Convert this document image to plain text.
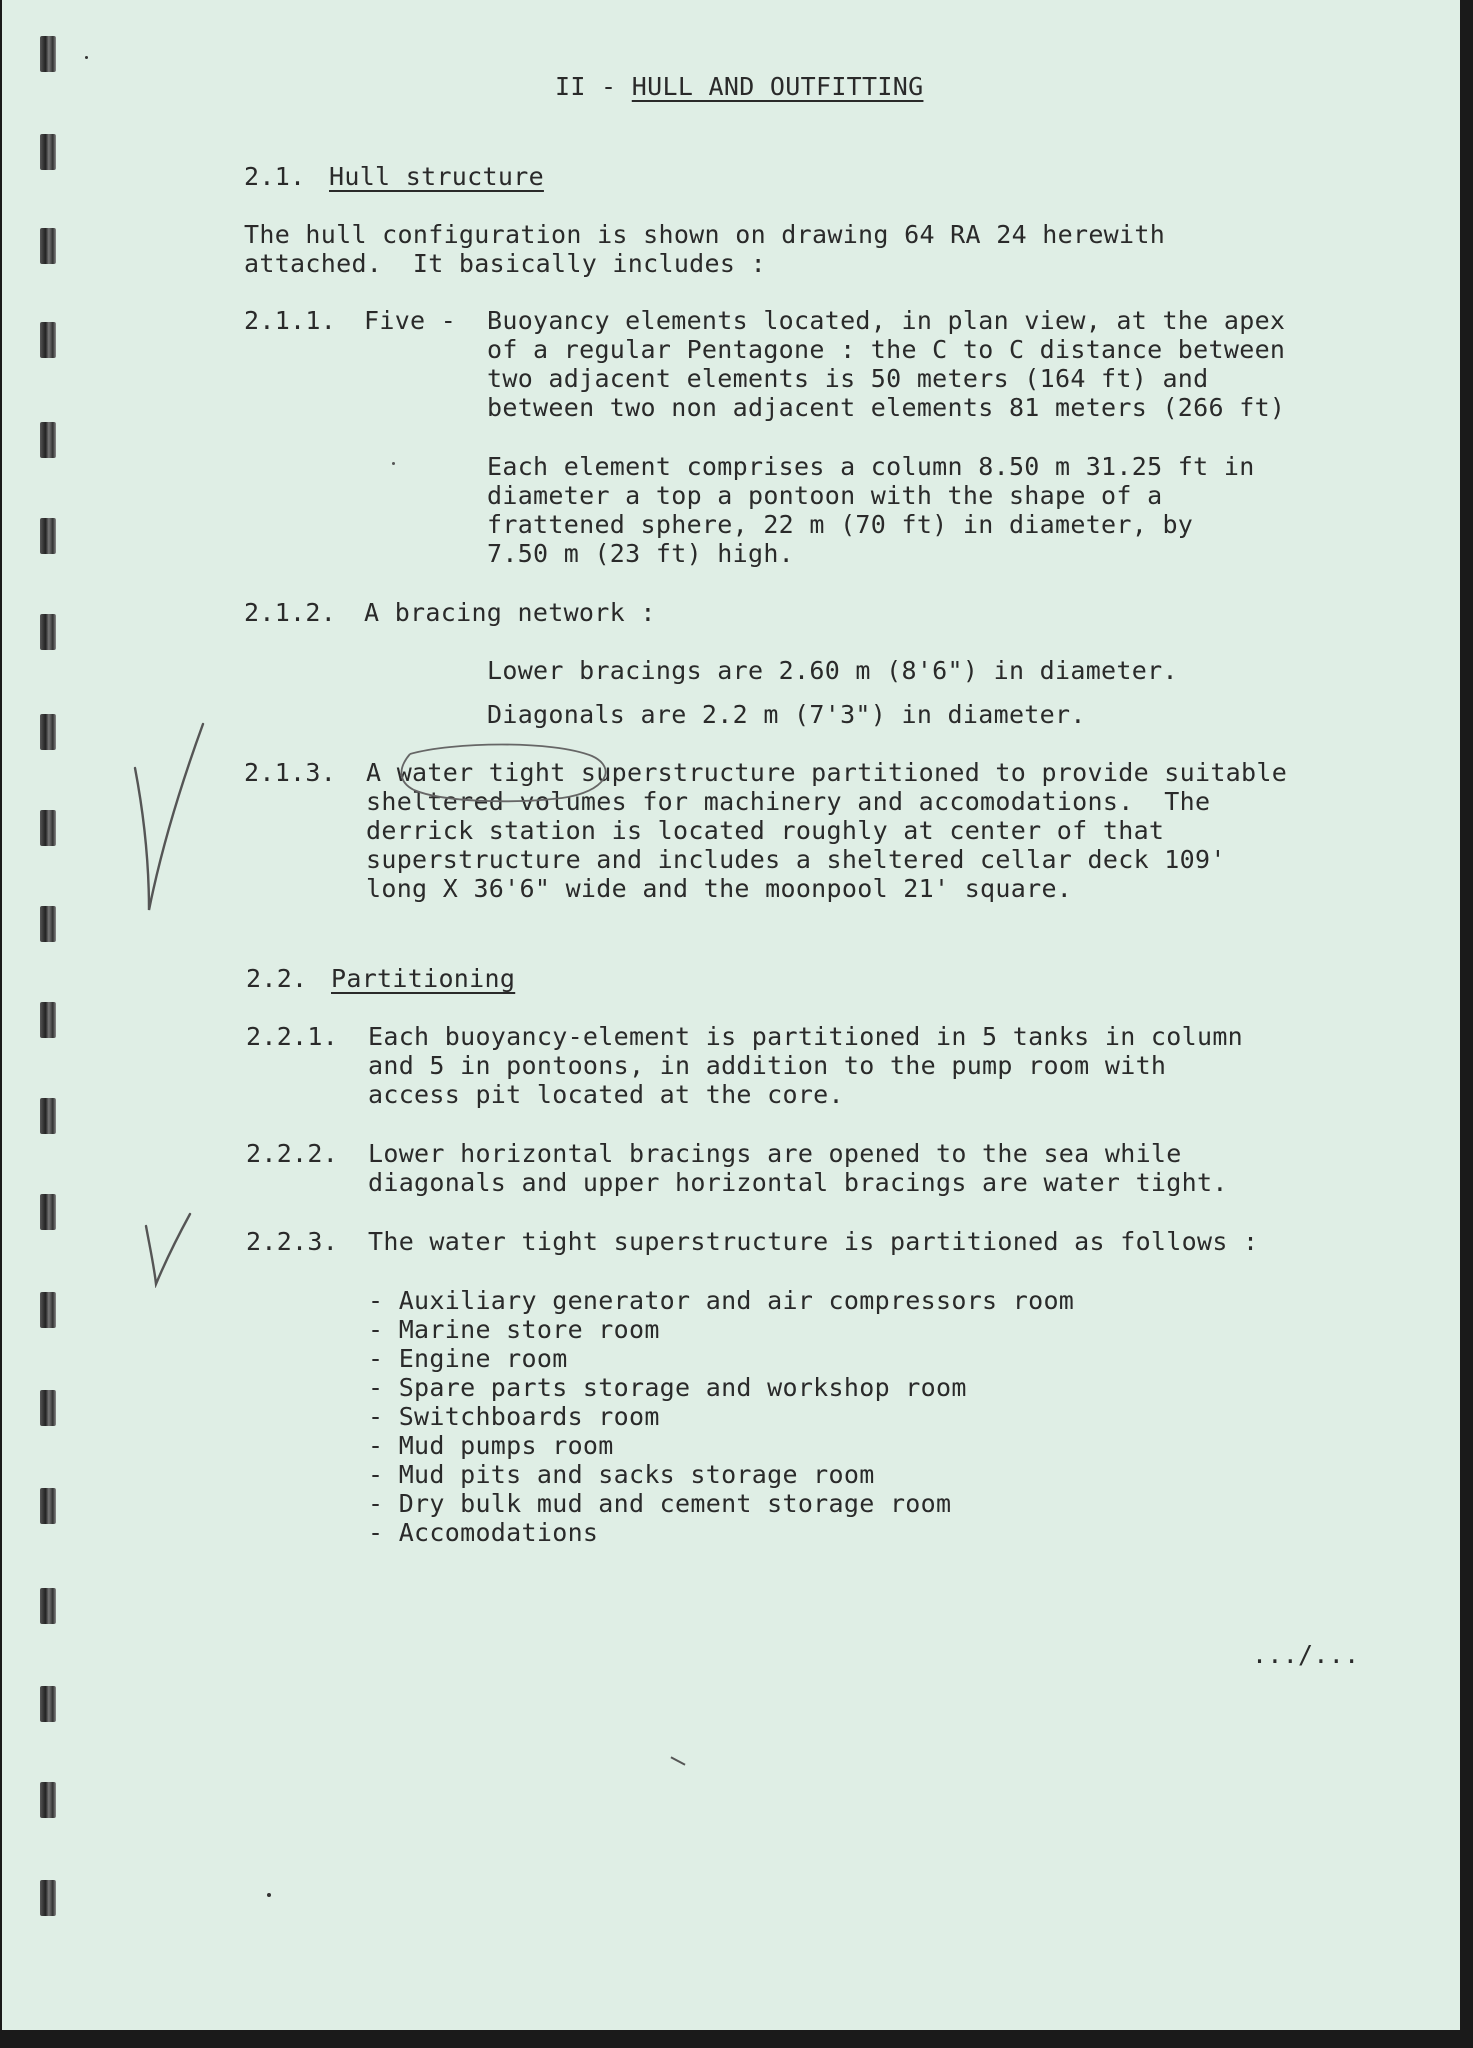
II - HULL AND OUTFITTING
2.1. Hull structure
The hull configuration is shown on drawing 64 RA 24 herewith
attached.  It basically includes :
2.1.1. Five - Buoyancy elements located, in plan view, at the apex
of a regular Pentagone : the C to C distance between
two adjacent elements is 50 meters (164 ft) and
between two non adjacent elements 81 meters (266 ft)
Each element comprises a column 8.50 m 31.25 ft in
diameter a top a pontoon with the shape of a
frattened sphere, 22 m (70 ft) in diameter, by
7.50 m (23 ft) high.
2.1.2. A bracing network :
Lower bracings are 2.60 m (8'6") in diameter.
Diagonals are 2.2 m (7'3") in diameter.
2.1.3. A water tight superstructure partitioned to provide suitable
sheltered volumes for machinery and accomodations.  The
derrick station is located roughly at center of that
superstructure and includes a sheltered cellar deck 109'
long X 36'6" wide and the moonpool 21' square.
2.2. Partitioning
2.2.1. Each buoyancy-element is partitioned in 5 tanks in column
and 5 in pontoons, in addition to the pump room with
access pit located at the core.
2.2.2. Lower horizontal bracings are opened to the sea while
diagonals and upper horizontal bracings are water tight.
2.2.3. The water tight superstructure is partitioned as follows :
- Auxiliary generator and air compressors room
- Marine store room
- Engine room
- Spare parts storage and workshop room
- Switchboards room
- Mud pumps room
- Mud pits and sacks storage room
- Dry bulk mud and cement storage room
- Accomodations
.../...
